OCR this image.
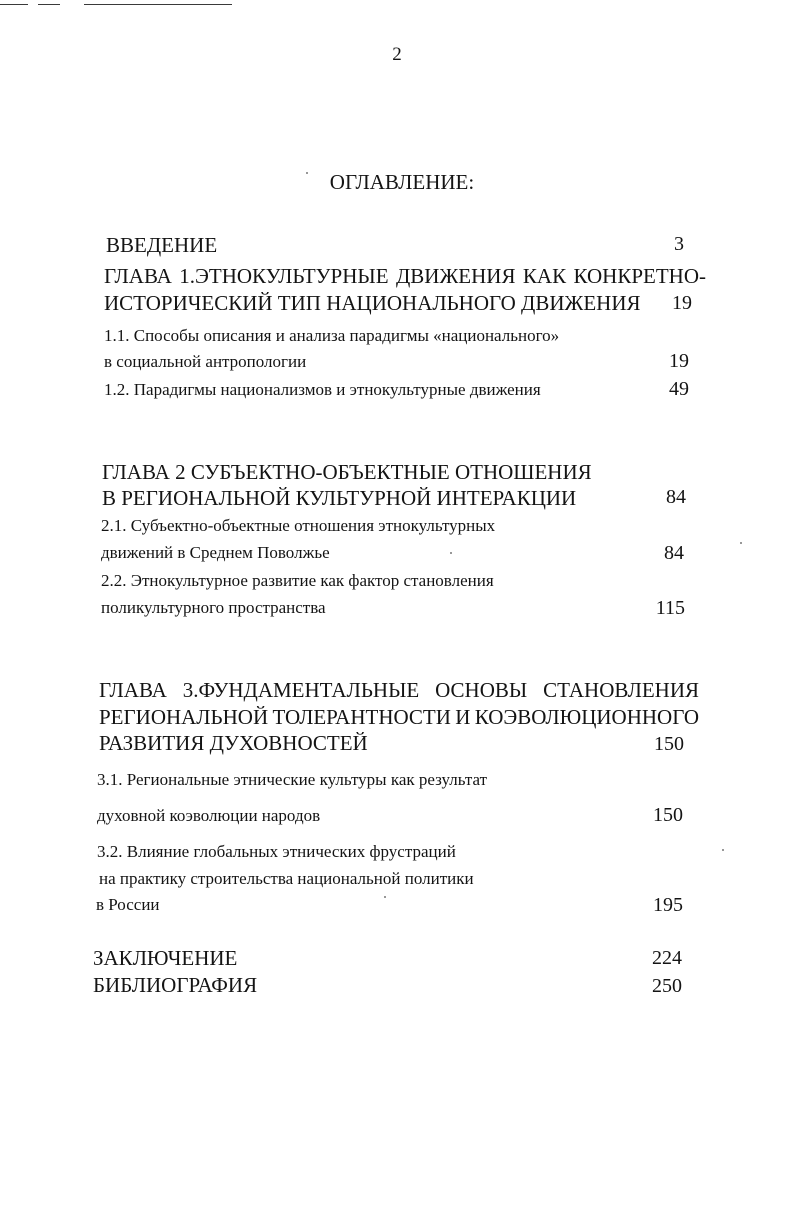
2
ОГЛАВЛЕНИЕ:
ВВЕДЕНИЕ	3
ГЛАВА 1.ЭТНОКУЛЬТУРНЫЕ ДВИЖЕНИЯ КАК КОНКРЕТНО-
ИСТОРИЧЕСКИЙ ТИП НАЦИОНАЛЬНОГО ДВИЖЕНИЯ 19
1.1. Способы описания и анализа парадигмы «национального»
в социальной антропологии	19
1.2. Парадигмы национализмов и этнокультурные движения	49
ГЛАВА 2 СУБЪЕКТНО-ОБЪЕКТНЫЕ ОТНОШЕНИЯ
В РЕГИОНАЛЬНОЙ КУЛЬТУРНОЙ ИНТЕРАКЦИИ	84
2.1. Субъектно-объектные отношения этнокультурных
движений в Среднем Поволжье	84
2.2. Этнокультурное развитие как фактор становления
поликультурного пространства	115
ГЛАВА 3.ФУНДАМЕНТАЛЬНЫЕ ОСНОВЫ СТАНОВЛЕНИЯ
РЕГИОНАЛЬНОЙ ТОЛЕРАНТНОСТИ И КОЭВОЛЮЦИОННОГО
РАЗВИТИЯ ДУХОВНОСТЕЙ	150
3.1. Региональные этнические культуры как результат
духовной коэволюции народов	150
3.2. Влияние глобальных этнических фрустраций
на практику строительства национальной политики
в России	195
ЗАКЛЮЧЕНИЕ	224
БИБЛИОГРАФИЯ	250
